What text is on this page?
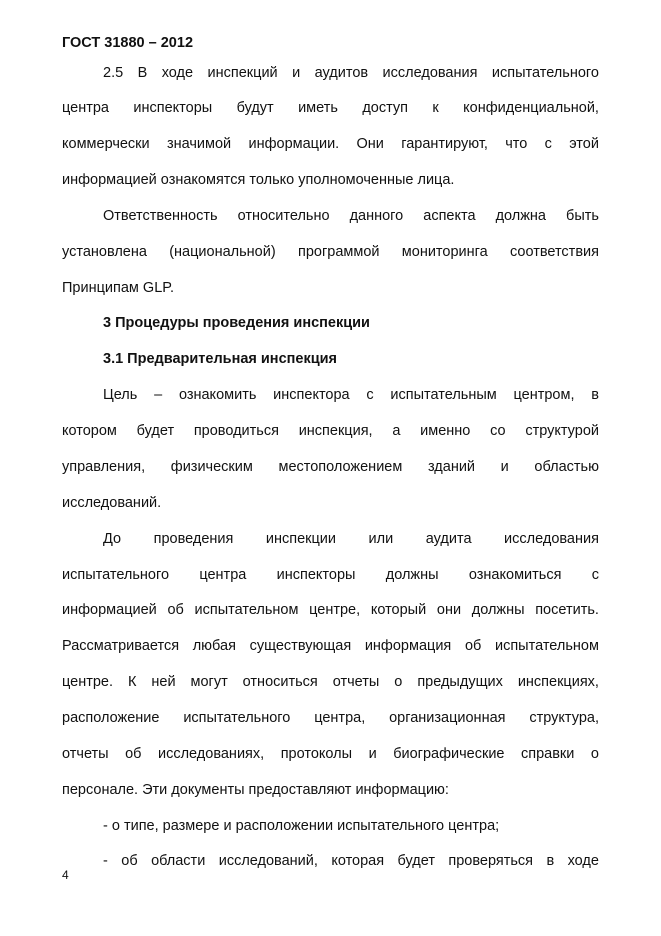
ГОСТ 31880 – 2012
2.5 В ходе инспекций и аудитов исследования испытательного
центра инспекторы будут иметь доступ к конфиденциальной,
коммерчески значимой информации. Они гарантируют, что с этой
информацией ознакомятся только уполномоченные лица.
Ответственность относительно данного аспекта должна быть
установлена (национальной) программой мониторинга соответствия
Принципам GLP.
3 Процедуры проведения инспекции
3.1 Предварительная инспекция
Цель – ознакомить инспектора с испытательным центром, в
котором будет проводиться инспекция, а именно со структурой
управления, физическим местоположением зданий и областью
исследований.
До проведения инспекции или аудита исследования
испытательного центра инспекторы должны ознакомиться с
информацией об испытательном центре, который они должны посетить.
Рассматривается любая существующая информация об испытательном
центре. К ней могут относиться отчеты о предыдущих инспекциях,
расположение испытательного центра, организационная структура,
отчеты об исследованиях, протоколы и биографические справки о
персонале. Эти документы предоставляют информацию:
- о типе, размере и расположении испытательного центра;
- об области исследований, которая будет проверяться в ходе
4
